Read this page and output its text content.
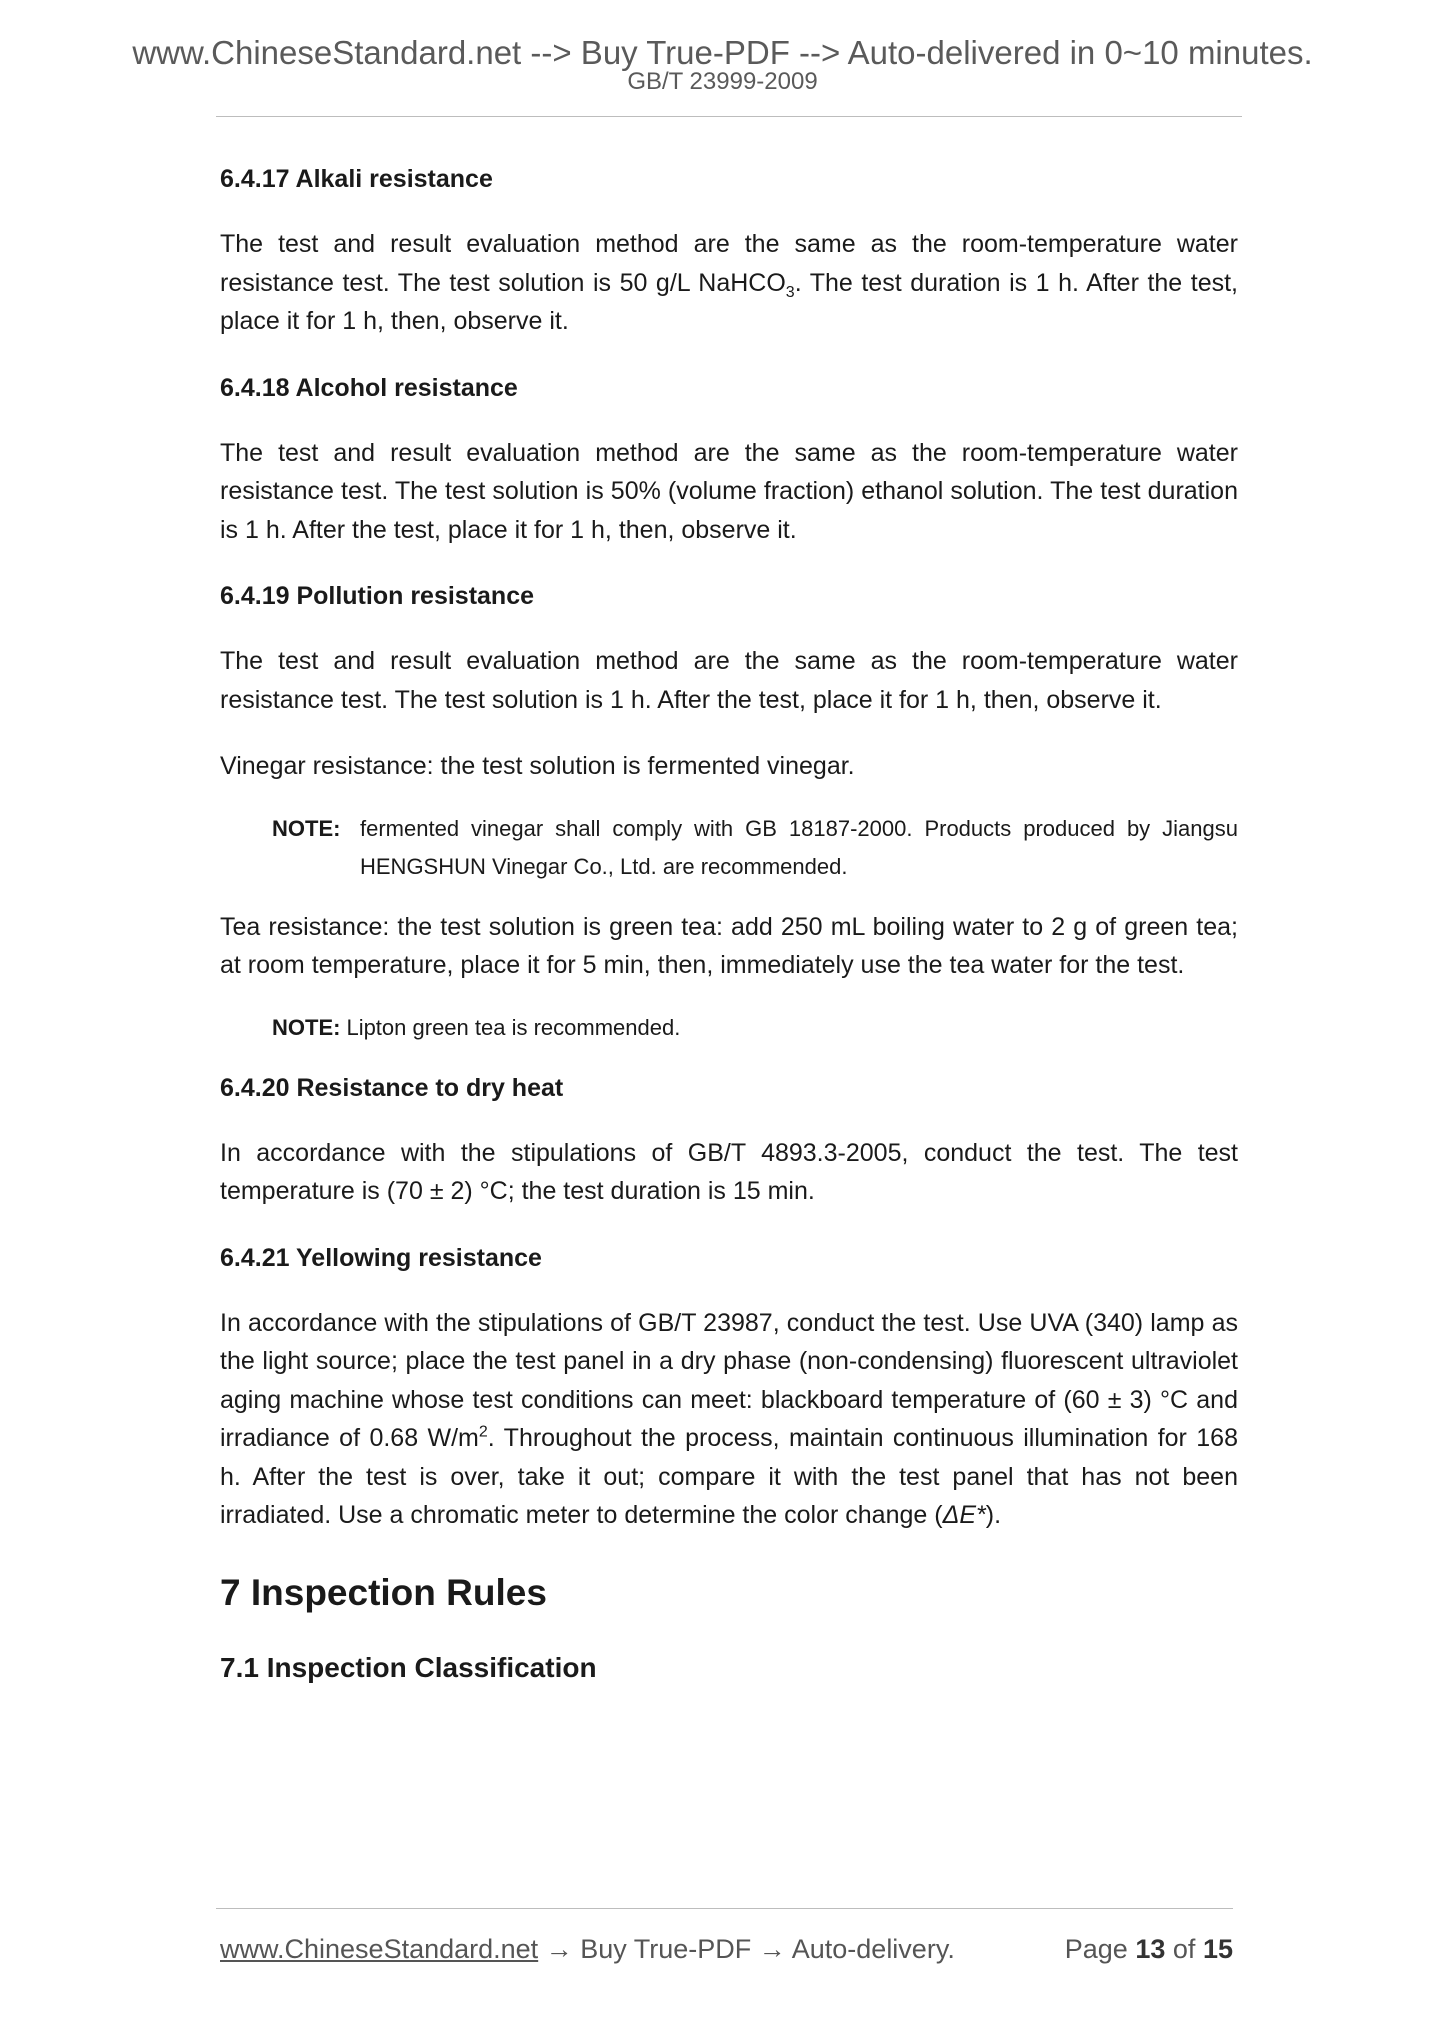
www.ChineseStandard.net --> Buy True-PDF --> Auto-delivered in 0~10 minutes.
GB/T 23999-2009
6.4.17 Alkali resistance
The test and result evaluation method are the same as the room-temperature water resistance test. The test solution is 50 g/L NaHCO$_3$. The test duration is 1 h. After the test, place it for 1 h, then, observe it.
6.4.18 Alcohol resistance
The test and result evaluation method are the same as the room-temperature water resistance test. The test solution is 50% (volume fraction) ethanol solution. The test duration is 1 h. After the test, place it for 1 h, then, observe it.
6.4.19 Pollution resistance
The test and result evaluation method are the same as the room-temperature water resistance test. The test solution is 1 h. After the test, place it for 1 h, then, observe it.
Vinegar resistance: the test solution is fermented vinegar.
NOTE: fermented vinegar shall comply with GB 18187-2000. Products produced by Jiangsu HENGSHUN Vinegar Co., Ltd. are recommended.
Tea resistance: the test solution is green tea: add 250 mL boiling water to 2 g of green tea; at room temperature, place it for 5 min, then, immediately use the tea water for the test.
NOTE: Lipton green tea is recommended.
6.4.20 Resistance to dry heat
In accordance with the stipulations of GB/T 4893.3-2005, conduct the test. The test temperature is (70 ± 2) °C; the test duration is 15 min.
6.4.21 Yellowing resistance
In accordance with the stipulations of GB/T 23987, conduct the test. Use UVA (340) lamp as the light source; place the test panel in a dry phase (non-condensing) fluorescent ultraviolet aging machine whose test conditions can meet: blackboard temperature of (60 ± 3) °C and irradiance of 0.68 $W/m^2$. Throughout the process, maintain continuous illumination for 168 h. After the test is over, take it out; compare it with the test panel that has not been irradiated. Use a chromatic meter to determine the color change (ΔE*).
7 Inspection Rules
7.1 Inspection Classification
www.ChineseStandard.net → Buy True-PDF → Auto-delivery.	Page 13 of 15
